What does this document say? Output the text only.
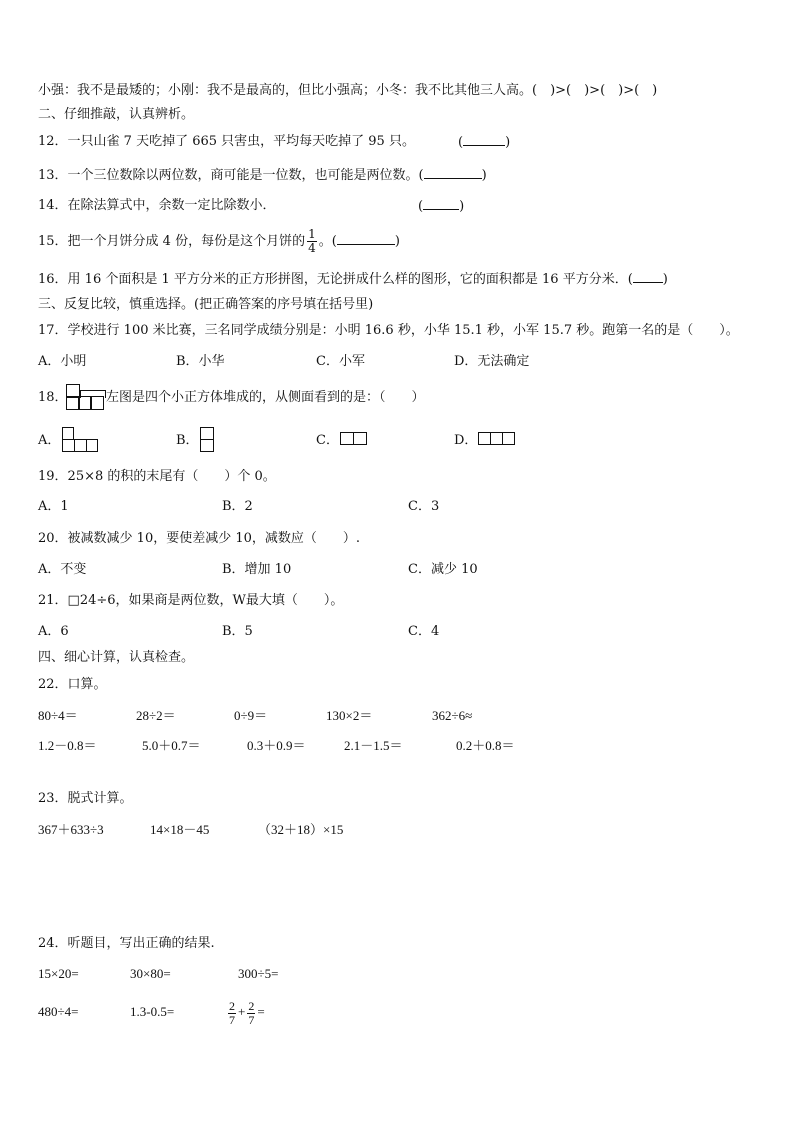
小强：我不是最矮的；小刚：我不是最高的，但比小强高；小冬：我不比其他三人高。(　)>(　)>(　)>(　)
二、仔细推敲，认真辨析。
12．一只山雀 7 天吃掉了 665 只害虫，平均每天吃掉了 95 只。	(	)
13．一个三位数除以两位数，商可能是一位数，也可能是两位数。(	)
14．在除法算式中，余数一定比除数小．	(	)
15．把一个月饼分成 4 份，每份是这个月饼的 $\frac{1}{4}$ 。(	)
16．用 16 个面积是 1 平方分米的正方形拼图，无论拼成什么样的图形，它的面积都是 16 平方分米．( )
三、反复比较，慎重选择。(把正确答案的序号填在括号里)
17．学校进行 100 米比赛，三名同学成绩分别是：小明 16.6 秒，小华 15.1 秒，小军 15.7 秒。跑第一名的是（　　）。
A．小明	B．小华	C．小军	D．无法确定
18．	左图是四个小正方体堆成的，从侧面看到的是：（　　）
A．	B．	C．	D．
19．25×8 的积的末尾有（　　）个 0。
A．1	B．2	C．3
20．被减数减少 10，要使差减少 10，减数应（　　）.
A．不变	B．增加 10	C．减少 10
21．□24÷6，如果商是两位数，W最大填（　　）。
A．6	B．5	C．4
四、细心计算，认真检查。
22．口算。
80÷4＝	28÷2＝	0÷9＝	130×2＝	362÷6≈
1.2－0.8＝	5.0＋0.7＝	0.3＋0.9＝	2.1－1.5＝	0.2＋0.8＝
23．脱式计算。
367＋633÷3	14×18－45	（32＋18）×15
24．听题目，写出正确的结果.
15×20=	30×80=	300÷5=
480÷4=	1.3-0.5=	$\frac{2}{7} + \frac{2}{7}$ =
